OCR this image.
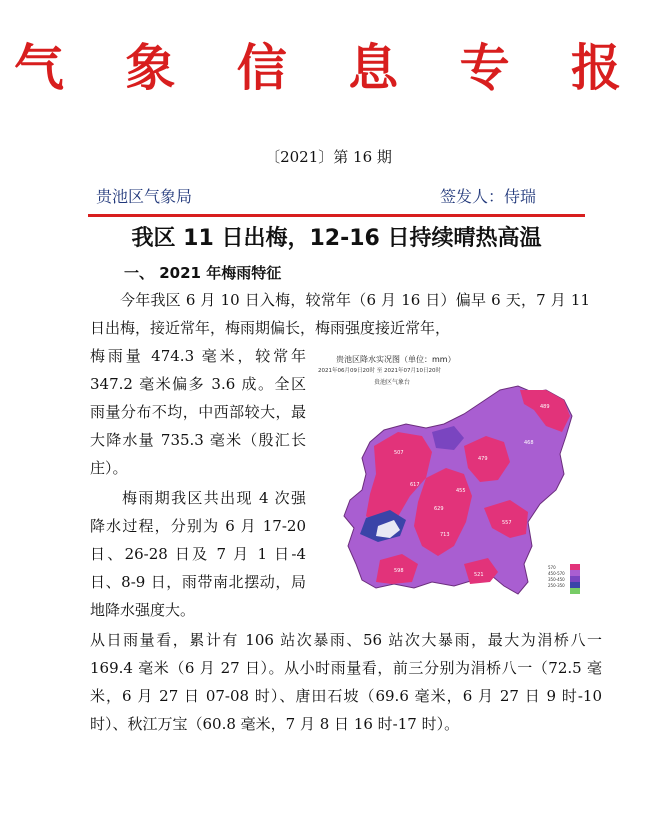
气 象 信 息 专 报
〔2021〕第 16 期
贵池区气象局	签发人：侍瑞
我区 11 日出梅，12-16 日持续晴热高温
一、 2021 年梅雨特征
今年我区 6 月 10 日入梅，较常年（6 月 16 日）偏早 6 天，7 月 11 日出梅，接近常年，梅雨期偏长，梅雨强度接近常年，
梅雨量 474.3 毫米，较常年 347.2 毫米偏多 3.6 成。全区雨量分布不均，中西部较大，最大降水量 735.3 毫米（殷汇长庄）。
梅雨期我区共出现 4 次强降水过程，分别为 6 月 17-20 日、26-28 日及 7 月 1 日-4 日、8-9 日，雨带南北摆动，局地降水强度大。
从日雨量看，累计有 106 站次暴雨、56 站次大暴雨，最大为涓桥八一 169.4 毫米（6 月 27 日）。从小时雨量看，前三分别为涓桥八一（72.5 毫米，6 月 27 日 07-08 时）、唐田石坡（69.6 毫米，6 月 27 日 9 时-10 时）、秋江万宝（60.8 毫米，7 月 8 日 16 时-17 时）。
贵池区降水实况图（单位：mm）
2021年06月09日20时 至 2021年07月10日20时
贵池区气象台
507
617
629
713
479
489
557
598
521
468
455
570
450-570
350-450
250-350
